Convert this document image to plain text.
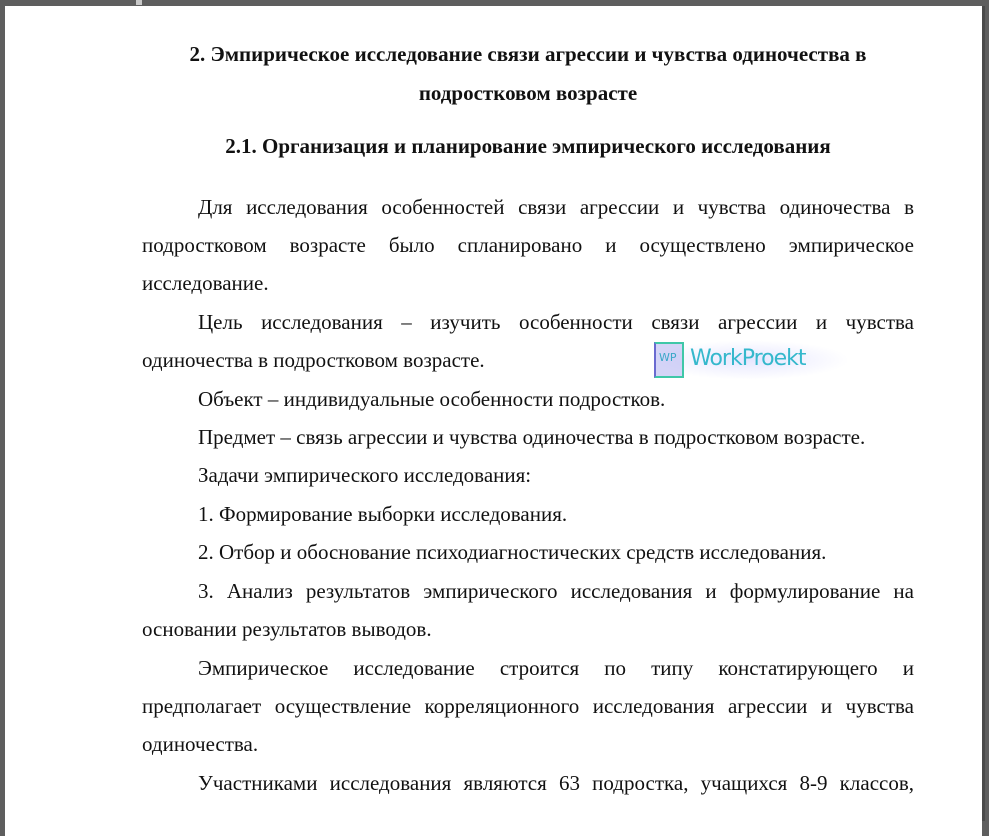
2. Эмпирическое исследование связи агрессии и чувства одиночества в
подростковом возрасте
2.1. Организация и планирование эмпирического исследования
Для исследования особенностей связи агрессии и чувства одиночества в
подростковом возрасте было спланировано и осуществлено эмпирическое
исследование.
Цель исследования – изучить особенности связи агрессии и чувства
одиночества в подростковом возрасте.
Объект – индивидуальные особенности подростков.
Предмет – связь агрессии и чувства одиночества в подростковом возрасте.
Задачи эмпирического исследования:
1. Формирование выборки исследования.
2. Отбор и обоснование психодиагностических средств исследования.
3. Анализ результатов эмпирического исследования и формулирование на
основании результатов выводов.
Эмпирическое исследование строится по типу констатирующего и
предполагает осуществление корреляционного исследования агрессии и чувства
одиночества.
Участниками исследования являются 63 подростка, учащихся 8-9 классов,
WP WorkProekt
